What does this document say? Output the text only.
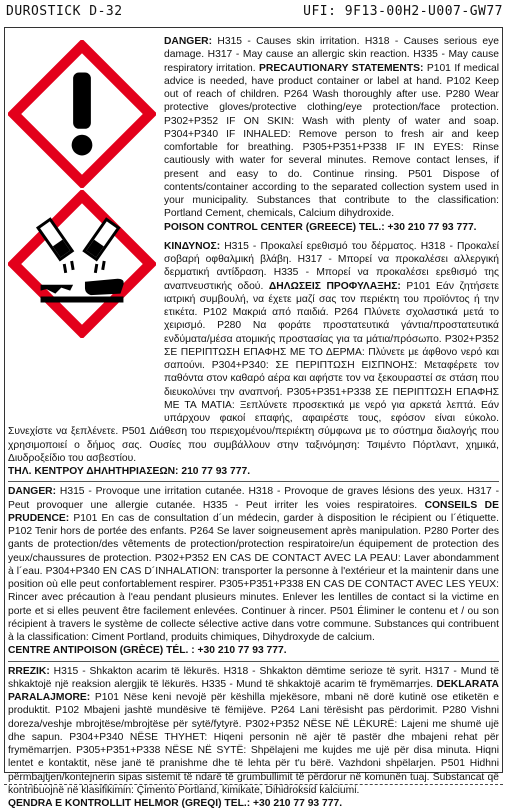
DUROSTICK D-32	UFI: 9F13-00H2-U007-GW77

DANGER: H315 - Causes skin irritation. H318 - Causes serious eye damage. H317 - May cause an allergic skin reaction. H335 - May cause respiratory irritation. PRECAUTIONARY STATEMENTS: P101 If medical advice is needed, have product container or label at hand. P102 Keep out of reach of children. P264 Wash thoroughly after use. P280 Wear protective gloves/protective clothing/eye protection/face protection. P302+P352 IF ON SKIN: Wash with plenty of water and soap. P304+P340 IF INHALED: Remove person to fresh air and keep comfortable for breathing. P305+P351+P338 IF IN EYES: Rinse cautiously with water for several minutes. Remove contact lenses, if present and easy to do. Continue rinsing. P501 Dispose of contents/container according to the separated collection system used in your municipality. Substances that contribute to the classification: Portland Cement, chemicals, Calcium dihydroxide.
POISON CONTROL CENTER (GREECE) TEL.: +30 210 77 93 777.

ΚΙΝΔΥΝΟΣ: H315 - Προκαλεί ερεθισμό του δέρματος. H318 - Προκαλεί σοβαρή οφθαλμική βλάβη. H317 - Μπορεί να προκαλέσει αλλεργική δερματική αντίδραση. H335 - Μπορεί να προκαλέσει ερεθισμό της αναπνευστικής οδού. ΔΗΛΩΣΕΙΣ ΠΡΟΦΥΛΑΞΗΣ: P101 Εάν ζητήσετε ιατρική συμβουλή, να έχετε μαζί σας τον περιέκτη του προϊόντος ή την ετικέτα. P102 Μακριά από παιδιά. P264 Πλύνετε σχολαστικά μετά το χειρισμό. P280 Να φοράτε προστατευτικά γάντια/προστατευτικά ενδύματα/μέσα ατομικής προστασίας για τα μάτια/πρόσωπο. P302+P352 ΣΕ ΠΕΡΙΠΤΩΣΗ ΕΠΑΦΗΣ ΜΕ ΤΟ ΔΕΡΜΑ: Πλύνετε με άφθονο νερό και σαπούνι. P304+P340: ΣΕ ΠΕΡΙΠΤΩΣΗ ΕΙΣΠΝΟΗΣ: Μεταφέρετε τον παθόντα στον καθαρό αέρα και αφήστε τον να ξεκουραστεί σε στάση που διευκολύνει την αναπνοή. P305+P351+P338 ΣΕ ΠΕΡΙΠΤΩΣΗ ΕΠΑΦΗΣ ΜΕ ΤΑ ΜΑΤΙΑ: Ξεπλύνετε προσεκτικά με νερό για αρκετά λεπτά. Εάν υπάρχουν φακοί επαφής, αφαιρέστε τους, εφόσον είναι εύκολο. Συνεχίστε να ξεπλένετε. P501 Διάθεση του περιεχομένου/περιέκτη σύμφωνα με το σύστημα διαλογής που χρησιμοποιεί ο δήμος σας. Ουσίες που συμβάλλουν στην ταξινόμηση: Τσιμέντο Πόρτλαντ, χημικά, Διυδροξείδιο του ασβεστίου.
ΤΗΛ. ΚΕΝΤΡΟΥ ΔΗΛΗΤΗΡΙΑΣΕΩΝ: 210 77 93 777.

DANGER: H315 - Provoque une irritation cutanée. H318 - Provoque de graves lésions des yeux. H317 - Peut provoquer une allergie cutanée. H335 - Peut irriter les voies respiratoires. CONSEILS DE PRUDENCE: P101 En cas de consultation d´un médecin, garder à disposition le récipient ou l´étiquette. P102 Tenir hors de portée des enfants. P264 Se laver soigneusement après manipulation. P280 Porter des gants de protection/des vêtements de protection/protection respiratoire/un équipement de protection des yeux/chaussures de protection. P302+P352 EN CAS DE CONTACT AVEC LA PEAU: Laver abondamment à l´eau. P304+P340 EN CAS D´INHALATION: transporter la personne à l'extérieur et la maintenir dans une position où elle peut confortablement respirer. P305+P351+P338 EN CAS DE CONTACT AVEC LES YEUX: Rincer avec précaution à l'eau pendant plusieurs minutes. Enlever les lentilles de contact si la victime en porte et si elles peuvent être facilement enlevées. Continuer à rincer. P501 Éliminer le contenu et / ou son récipient à travers le système de collecte sélective active dans votre commune. Substances qui contribuent à la classification: Ciment Portland, produits chimiques, Dihydroxyde de calcium.
CENTRE ANTIPOISON (GRÈCE) TÉL. : +30 210 77 93 777.

RREZIK: H315 - Shkakton acarim të lëkurës. H318 - Shkakton dëmtime serioze të syrit. H317 - Mund të shkaktojë një reaksion alergjik të lëkurës. H335 - Mund të shkaktojë acarim të frymëmarrjes. DEKLARATA PARALAJMORE: P101 Nëse keni nevojë për këshilla mjekësore, mbani në dorë kutinë ose etiketën e produktit. P102 Mbajeni jashtë mundësive të fëmijëve. P264 Lani tërësisht pas përdorimit. P280 Vishni doreza/veshje mbrojtëse/mbrojtëse për sytë/fytyrë. P302+P352 NËSE NË LËKURË: Lajeni me shumë ujë dhe sapun. P304+P340 NËSE THYHET: Hiqeni personin në ajër të pastër dhe mbajeni rehat për frymëmarrjen. P305+P351+P338 NËSE NË SYTË: Shpëlajeni me kujdes me ujë për disa minuta. Hiqni lentet e kontaktit, nëse janë të pranishme dhe të lehta për t'u bërë. Vazhdoni shpëlarjen. P501 Hidhni përmbajtjen/kontejnerin sipas sistemit të ndarë të grumbullimit të përdorur në komunën tuaj. Substancat që kontribuojnë në klasifikimin: Çimento Portland, kimikate, Dihidroksid kalciumi.
QENDRA E KONTROLLIT HELMOR (GREQI) TEL.: +30 210 77 93 777.
